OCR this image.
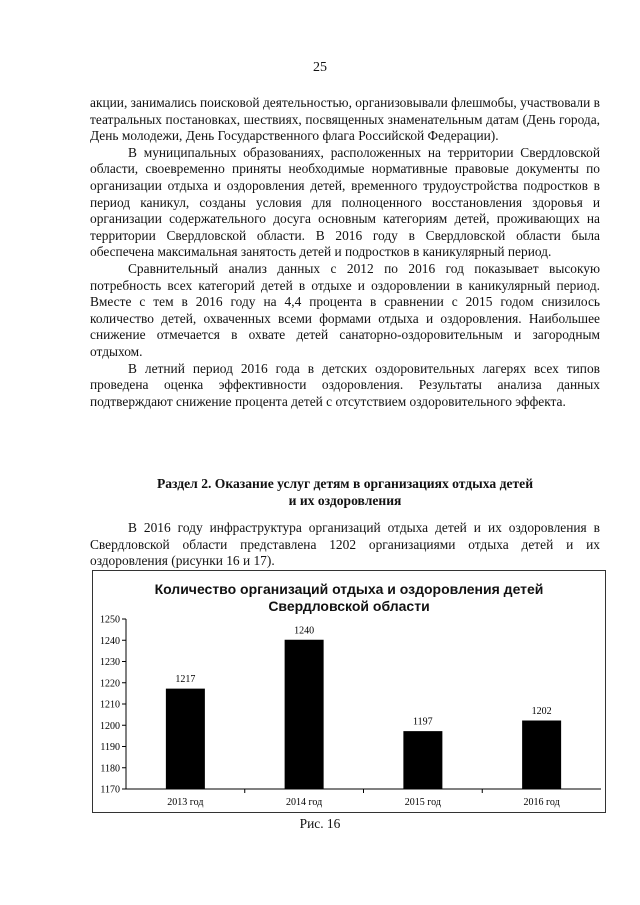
25

акции, занимались поисковой деятельностью, организовывали флешмобы, участвовали в театральных постановках, шествиях, посвященных знаменательным датам (День города, День молодежи, День Государственного флага Российской Федерации).

В муниципальных образованиях, расположенных на территории Свердловской области, своевременно приняты необходимые нормативные правовые документы по организации отдыха и оздоровления детей, временного трудоустройства подростков в период каникул, созданы условия для полноценного восстановления здоровья и организации содержательного досуга основным категориям детей, проживающих на территории Свердловской области. В 2016 году в Свердловской области была обеспечена максимальная занятость детей и подростков в каникулярный период.

Сравнительный анализ данных с 2012 по 2016 год показывает высокую потребность всех категорий детей в отдыхе и оздоровлении в каникулярный период. Вместе с тем в 2016 году на 4,4 процента в сравнении с 2015 годом снизилось количество детей, охваченных всеми формами отдыха и оздоровления. Наибольшее снижение отмечается в охвате детей санаторно-оздоровительным и загородным отдыхом.

В летний период 2016 года в детских оздоровительных лагерях всех типов проведена оценка эффективности оздоровления. Результаты анализа данных подтверждают снижение процента детей с отсутствием оздоровительного эффекта.

Раздел 2. Оказание услуг детям в организациях отдыха детей
и их оздоровления

В 2016 году инфраструктура организаций отдыха детей и их оздоровления в Свердловской области представлена 1202 организациями отдыха детей и их оздоровления (рисунки 16 и 17).

Количество организаций отдыха и оздоровления детей
Свердловской области
1170
1180
1190
1200
1210
1220
1230
1240
1250
1217
2013 год
1240
2014 год
1197
2015 год
1202
2016 год
Рис. 16
